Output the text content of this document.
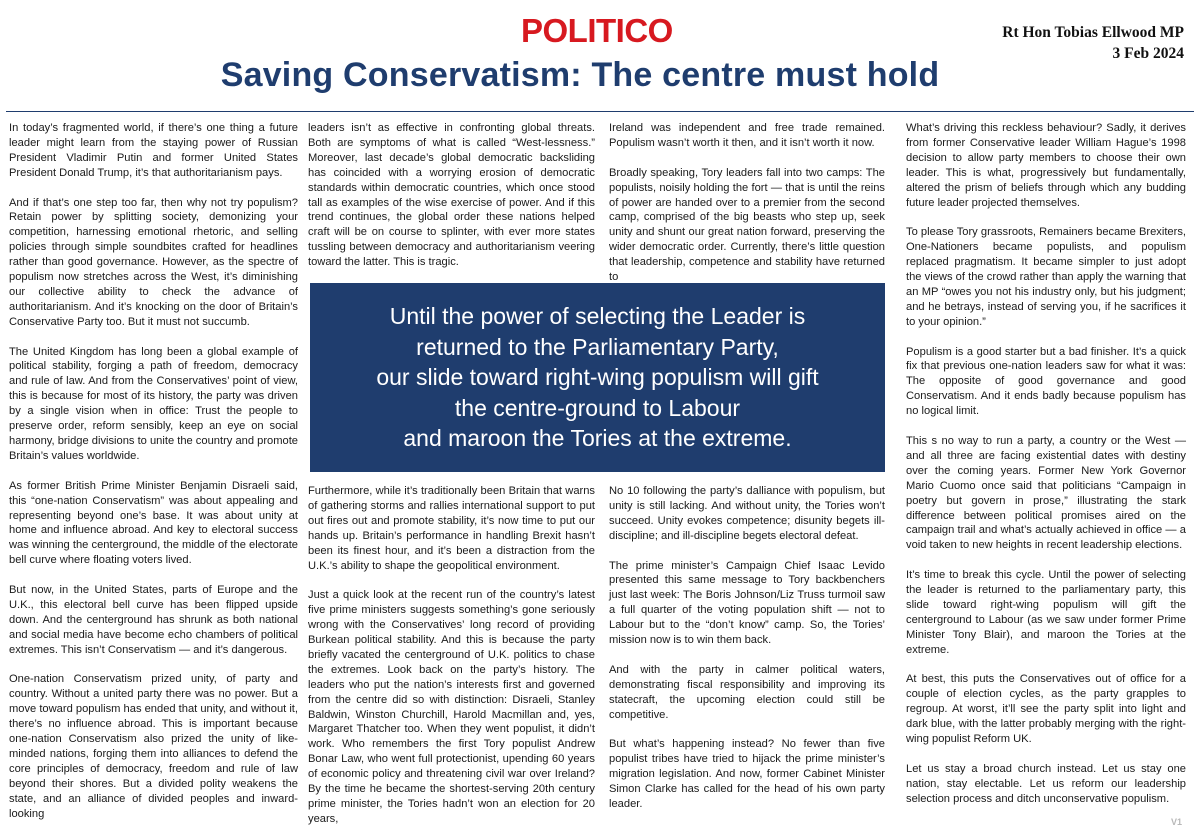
POLITICO	Rt Hon Tobias Ellwood MP
3 Feb 2024
Saving Conservatism: The centre must hold

In today’s fragmented world, if there’s one thing a future leader might learn from the staying power of Russian President Vladimir Putin and former United States President Donald Trump, it’s that authoritarianism pays.

And if that’s one step too far, then why not try populism? Retain power by splitting society, demonizing your competition, harnessing emotional rhetoric, and selling policies through simple soundbites crafted for headlines rather than good governance. However, as the spectre of populism now stretches across the West, it’s diminishing our collective ability to check the advance of authoritarianism. And it’s knocking on the door of Britain’s Conservative Party too. But it must not succumb.

The United Kingdom has long been a global example of political stability, forging a path of freedom, democracy and rule of law. And from the Conservatives’ point of view, this is because for most of its history, the party was driven by a single vision when in office: Trust the people to preserve order, reform sensibly, keep an eye on social harmony, bridge divisions to unite the country and promote Britain’s values worldwide.

As former British Prime Minister Benjamin Disraeli said, this “one-nation Conservatism” was about appealing and representing beyond one’s base. It was about unity at home and influence abroad. And key to electoral success was winning the centerground, the middle of the electorate bell curve where floating voters lived.

But now, in the United States, parts of Europe and the U.K., this electoral bell curve has been flipped upside down. And the centerground has shrunk as both national and social media have become echo chambers of political extremes. This isn’t Conservatism — and it’s dangerous.

One-nation Conservatism prized unity, of party and country. Without a united party there was no power. But a move toward populism has ended that unity, and without it, there’s no influence abroad. This is important because one-nation Conservatism also prized the unity of like-minded nations, forging them into alliances to defend the core principles of democracy, freedom and rule of law beyond their shores. But a divided polity weakens the state, and an alliance of divided peoples and inward-looking

leaders isn’t as effective in confronting global threats. Both are symptoms of what is called “West-lessness.” Moreover, last decade’s global democratic backsliding has coincided with a worrying erosion of democratic standards within democratic countries, which once stood tall as examples of the wise exercise of power. And if this trend continues, the global order these nations helped craft will be on course to splinter, with ever more states tussling between democracy and authoritarianism veering toward the latter. This is tragic.

Ireland was independent and free trade remained. Populism wasn’t worth it then, and it isn’t worth it now.

Broadly speaking, Tory leaders fall into two camps: The populists, noisily holding the fort — that is until the reins of power are handed over to a premier from the second camp, comprised of the big beasts who step up, seek unity and shunt our great nation forward, preserving the wider democratic order. Currently, there’s little question that leadership, competence and stability have returned to

What’s driving this reckless behaviour? Sadly, it derives from former Conservative leader William Hague’s 1998 decision to allow party members to choose their own leader. This is what, progressively but fundamentally, altered the prism of beliefs through which any budding future leader projected themselves.

To please Tory grassroots, Remainers became Brexiters, One-Nationers became populists, and populism replaced pragmatism. It became simpler to just adopt the views of the crowd rather than apply the warning that an MP “owes you not his industry only, but his judgment; and he betrays, instead of serving you, if he sacrifices it to your opinion.”

Populism is a good starter but a bad finisher. It’s a quick fix that previous one-nation leaders saw for what it was: The opposite of good governance and good Conservatism. And it ends badly because populism has no logical limit.

This s no way to run a party, a country or the West — and all three are facing existential dates with destiny over the coming years. Former New York Governor Mario Cuomo once said that politicians “Campaign in poetry but govern in prose,” illustrating the stark difference between political promises aired on the campaign trail and what’s actually achieved in office — a void taken to new heights in recent leadership elections.

It’s time to break this cycle. Until the power of selecting the leader is returned to the parliamentary party, this slide toward right-wing populism will gift the centerground to Labour (as we saw under former Prime Minister Tony Blair), and maroon the Tories at the extreme.

At best, this puts the Conservatives out of office for a couple of election cycles, as the party grapples to regroup. At worst, it’ll see the party split into light and dark blue, with the latter probably merging with the right-wing populist Reform UK.

Let us stay a broad church instead. Let us stay one nation, stay electable. Let us reform our leadership selection process and ditch unconservative populism.

Until the power of selecting the Leader is
returned to the Parliamentary Party,
our slide toward right-wing populism will gift
the centre-ground to Labour
and maroon the Tories at the extreme.

Furthermore, while it’s traditionally been Britain that warns of gathering storms and rallies international support to put out fires out and promote stability, it’s now time to put our hands up. Britain’s performance in handling Brexit hasn’t been its finest hour, and it’s been a distraction from the U.K.’s ability to shape the geopolitical environment.

Just a quick look at the recent run of the country’s latest five prime ministers suggests something’s gone seriously wrong with the Conservatives’ long record of providing Burkean political stability. And this is because the party briefly vacated the centerground of U.K. politics to chase the extremes. Look back on the party’s history. The leaders who put the nation’s interests first and governed from the centre did so with distinction: Disraeli, Stanley Baldwin, Winston Churchill, Harold Macmillan and, yes, Margaret Thatcher too. When they went populist, it didn’t work. Who remembers the first Tory populist Andrew Bonar Law, who went full protectionist, upending 60 years of economic policy and threatening civil war over Ireland? By the time he became the shortest-serving 20th century prime minister, the Tories hadn’t won an election for 20 years,

No 10 following the party’s dalliance with populism, but unity is still lacking. And without unity, the Tories won’t succeed. Unity evokes competence; disunity begets ill-discipline; and ill-discipline begets electoral defeat.

The prime minister’s Campaign Chief Isaac Levido presented this same message to Tory backbenchers just last week: The Boris Johnson/Liz Truss turmoil saw a full quarter of the voting population shift — not to Labour but to the “don’t know” camp. So, the Tories’ mission now is to win them back.

And with the party in calmer political waters, demonstrating fiscal responsibility and improving its statecraft, the upcoming election could still be competitive.

But what’s happening instead? No fewer than five populist tribes have tried to hijack the prime minister’s migration legislation. And now, former Cabinet Minister Simon Clarke has called for the head of his own party leader.

V1
